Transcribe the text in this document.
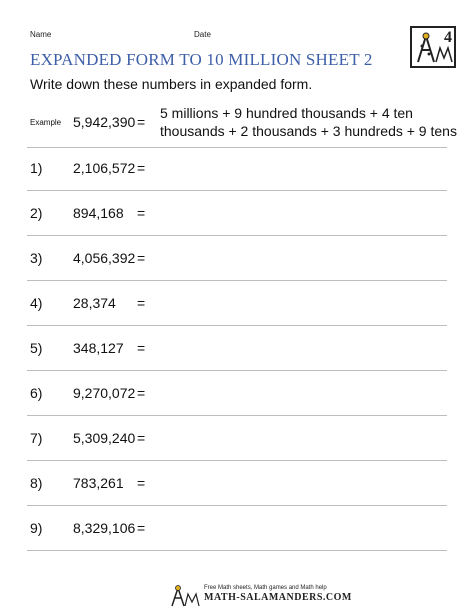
Name	Date	4
EXPANDED FORM TO 10 MILLION SHEET 2
Write down these numbers in expanded form.
Example 5,942,390 =
5 millions + 9 hundred thousands + 4 ten
thousands + 2 thousands + 3 hundreds + 9 tens
1) 2,106,572 =
2) 894,168 =
3) 4,056,392 =
4) 28,374 =
5) 348,127 =
6) 9,270,072 =
7) 5,309,240 =
8) 783,261 =
9) 8,329,106 =
Free Math sheets, Math games and Math help
MATH-SALAMANDERS.COM
